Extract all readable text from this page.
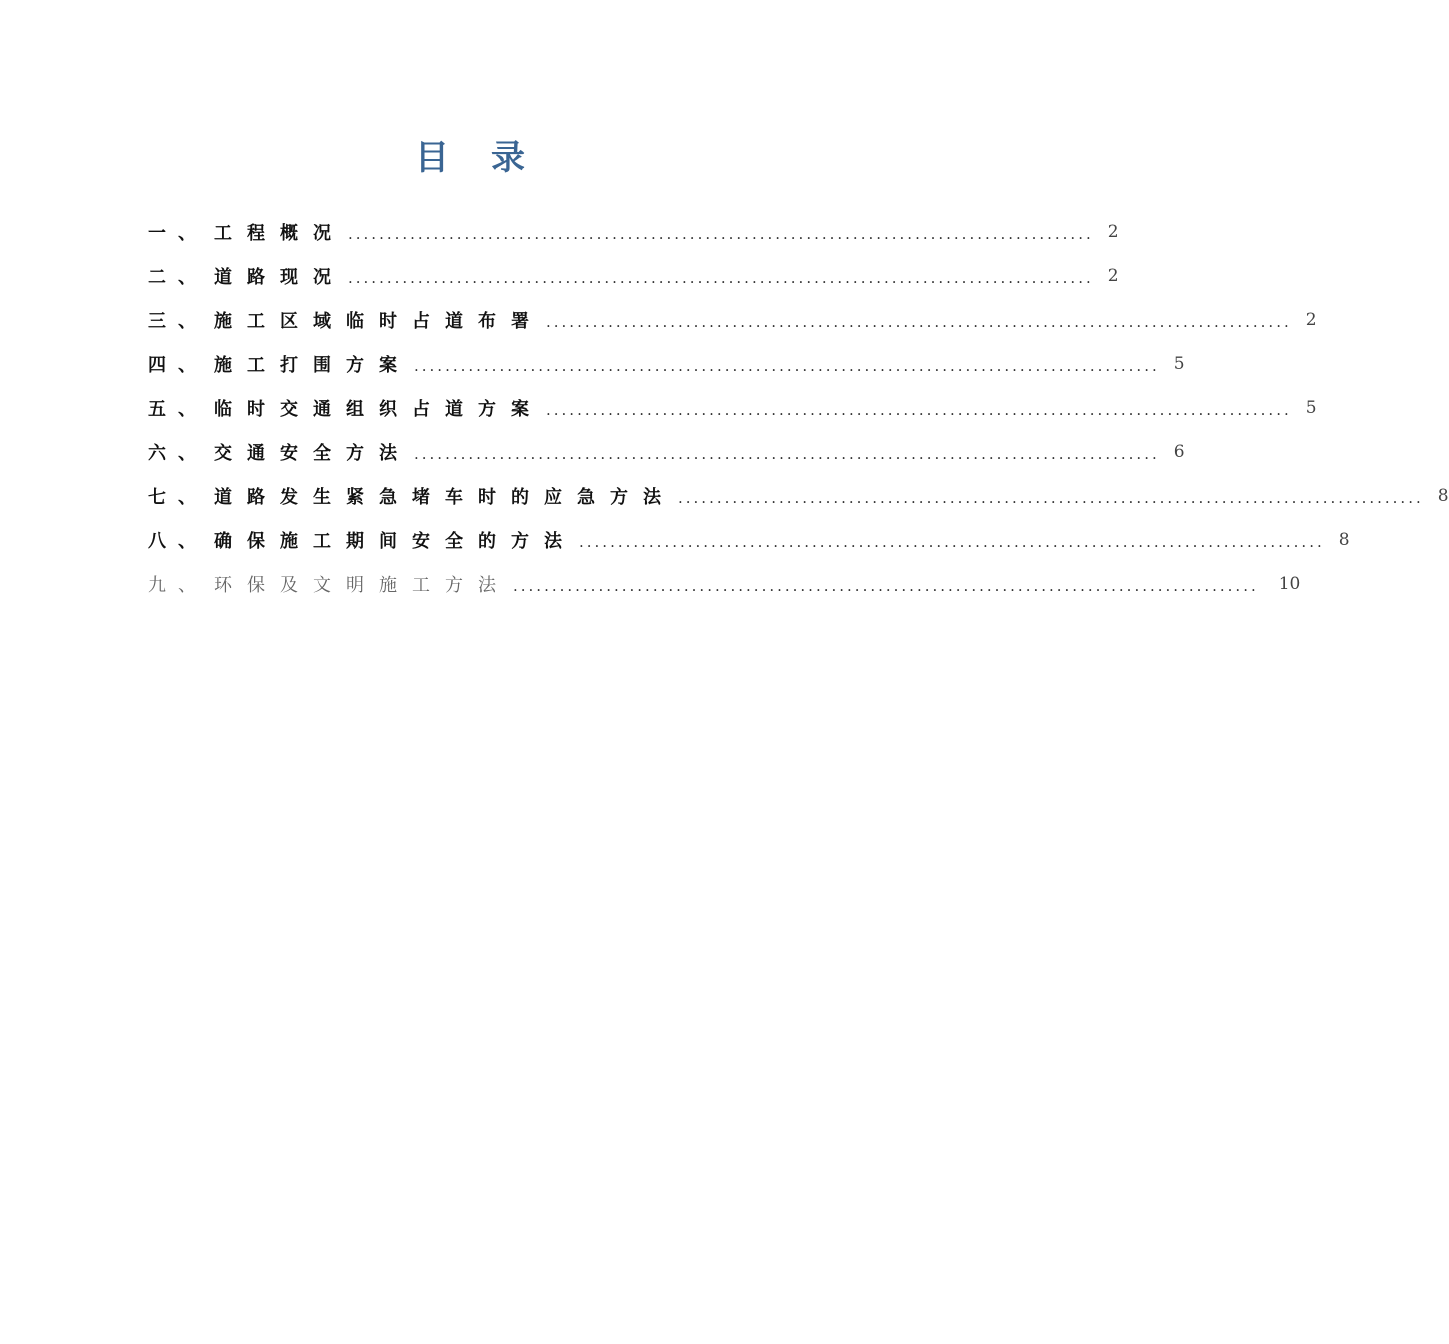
目录
一、 工程概况 ................................................................................................ 2
二、 道路现况 ................................................................................................ 2
三、 施工区域临时占道布署 ................................................................................................ 2
四、 施工打围方案 ................................................................................................ 5
五、 临时交通组织占道方案 ................................................................................................ 5
六、 交通安全方法 ................................................................................................ 6
七、 道路发生紧急堵车时的应急方法 ................................................................................................ 8
八、 确保施工期间安全的方法 ................................................................................................ 8
九、 环保及文明施工方法 ................................................................................................ 10
